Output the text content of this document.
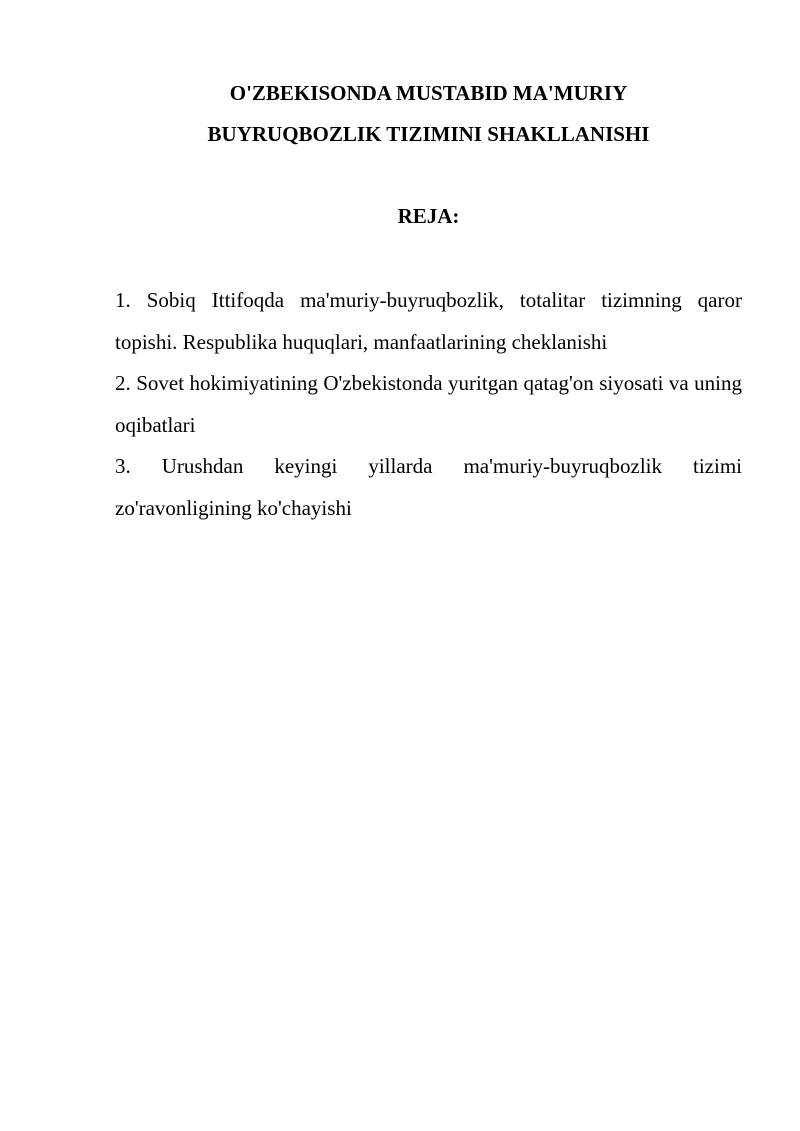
O'ZBEKISONDA MUSTABID MA'MURIY
BUYRUQBOZLIK TIZIMINI SHAKLLANISHI
REJA:
1. Sobiq Ittifoqda ma'muriy-buyruqbozlik, totalitar tizimning qaror topishi. Respublika huquqlari, manfaatlarining cheklanishi
2. Sovet hokimiyatining O'zbekistonda yuritgan qatag'on siyosati va uning oqibatlari
3. Urushdan keyingi yillarda ma'muriy-buyruqbozlik tizimi zo'ravonligining ko'chayishi
